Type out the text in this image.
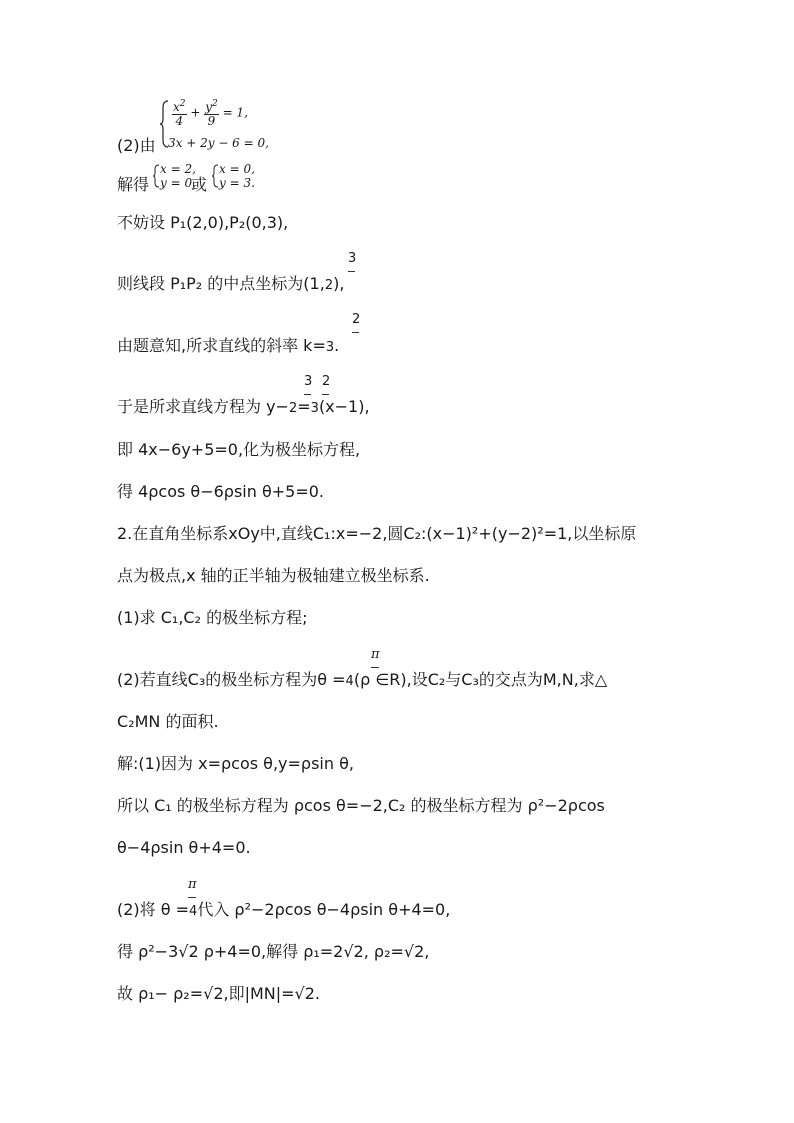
(2)由
$\frac{x^2}{4} + \frac{y^2}{9} = 1$,
3x + 2y − 6 = 0,
解得
x = 2,
y = 0,
或
x = 0,
y = 3.
不妨设 P₁(2,0),P₂(0,3),
3
则线段 P₁P₂ 的中点坐标为(1,2),
2
由题意知,所求直线的斜率 k=3.
3 2
于是所求直线方程为 y−2=3(x−1),
即 4x−6y+5=0,化为极坐标方程,
得 4ρcos θ−6ρsin θ+5=0.
2.在直角坐标系xOy中,直线C₁:x=−2,圆C₂:(x−1)²+(y−2)²=1,以坐标原
点为极点,x 轴的正半轴为极轴建立极坐标系.
(1)求 C₁,C₂ 的极坐标方程;
π
(2)若直线C₃的极坐标方程为θ =4(ρ ∈R),设C₂与C₃的交点为M,N,求△
C₂MN 的面积.
解:(1)因为 x=ρcos θ,y=ρsin θ,
所以 C₁ 的极坐标方程为 ρcos θ=−2,C₂ 的极坐标方程为 ρ²−2ρcos
θ−4ρsin θ+4=0.
π
(2)将 θ =4代入 ρ²−2ρcos θ−4ρsin θ+4=0,
得 ρ²−3√2 ρ+4=0,解得 ρ₁=2√2, ρ₂=√2,
故 ρ₁− ρ₂=√2,即|MN|=√2.
